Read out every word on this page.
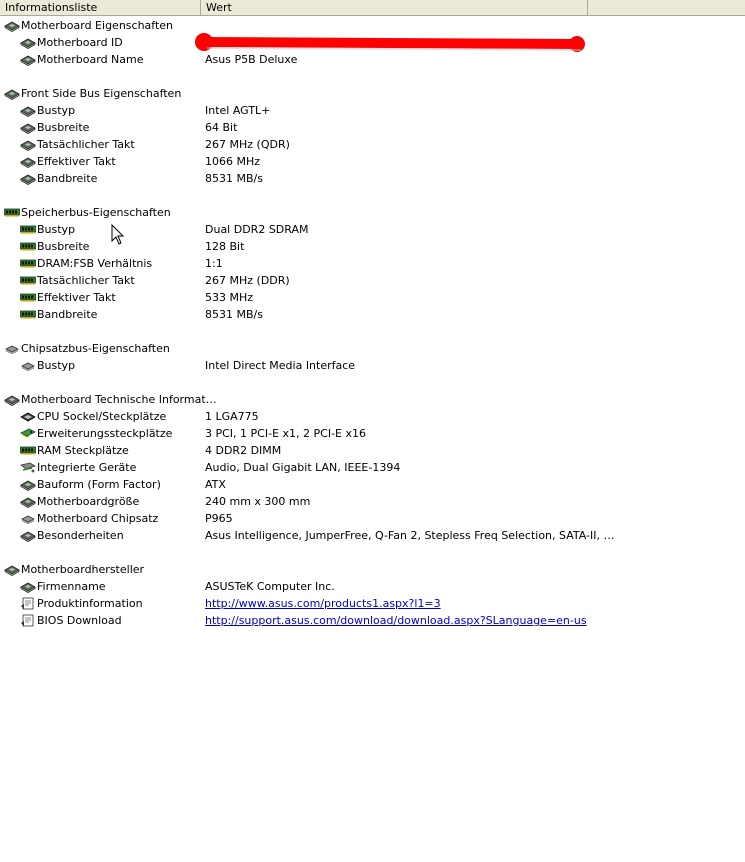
Informationsliste	Wert
Motherboard Eigenschaften
Motherboard ID
Motherboard Name	Asus P5B Deluxe
Front Side Bus Eigenschaften
Bustyp	Intel AGTL+
Busbreite	64 Bit
Tatsächlicher Takt	267 MHz (QDR)
Effektiver Takt	1066 MHz
Bandbreite	8531 MB/s
Speicherbus-Eigenschaften
Bustyp	Dual DDR2 SDRAM
Busbreite	128 Bit
DRAM:FSB Verhältnis	1:1
Tatsächlicher Takt	267 MHz (DDR)
Effektiver Takt	533 MHz
Bandbreite	8531 MB/s
Chipsatzbus-Eigenschaften
Bustyp	Intel Direct Media Interface
Motherboard Technische Informat…
CPU Sockel/Steckplätze	1 LGA775
Erweiterungssteckplätze	3 PCI, 1 PCI-E x1, 2 PCI-E x16
RAM Steckplätze	4 DDR2 DIMM
Integrierte Geräte	Audio, Dual Gigabit LAN, IEEE-1394
Bauform (Form Factor)	ATX
Motherboardgröße	240 mm x 300 mm
Motherboard Chipsatz	P965
Besonderheiten	Asus Intelligence, JumperFree, Q-Fan 2, Stepless Freq Selection, SATA-II, …
Motherboardhersteller
Firmenname	ASUSTeK Computer Inc.
Produktinformation	http://www.asus.com/products1.aspx?l1=3
BIOS Download	http://support.asus.com/download/download.aspx?SLanguage=en-us
